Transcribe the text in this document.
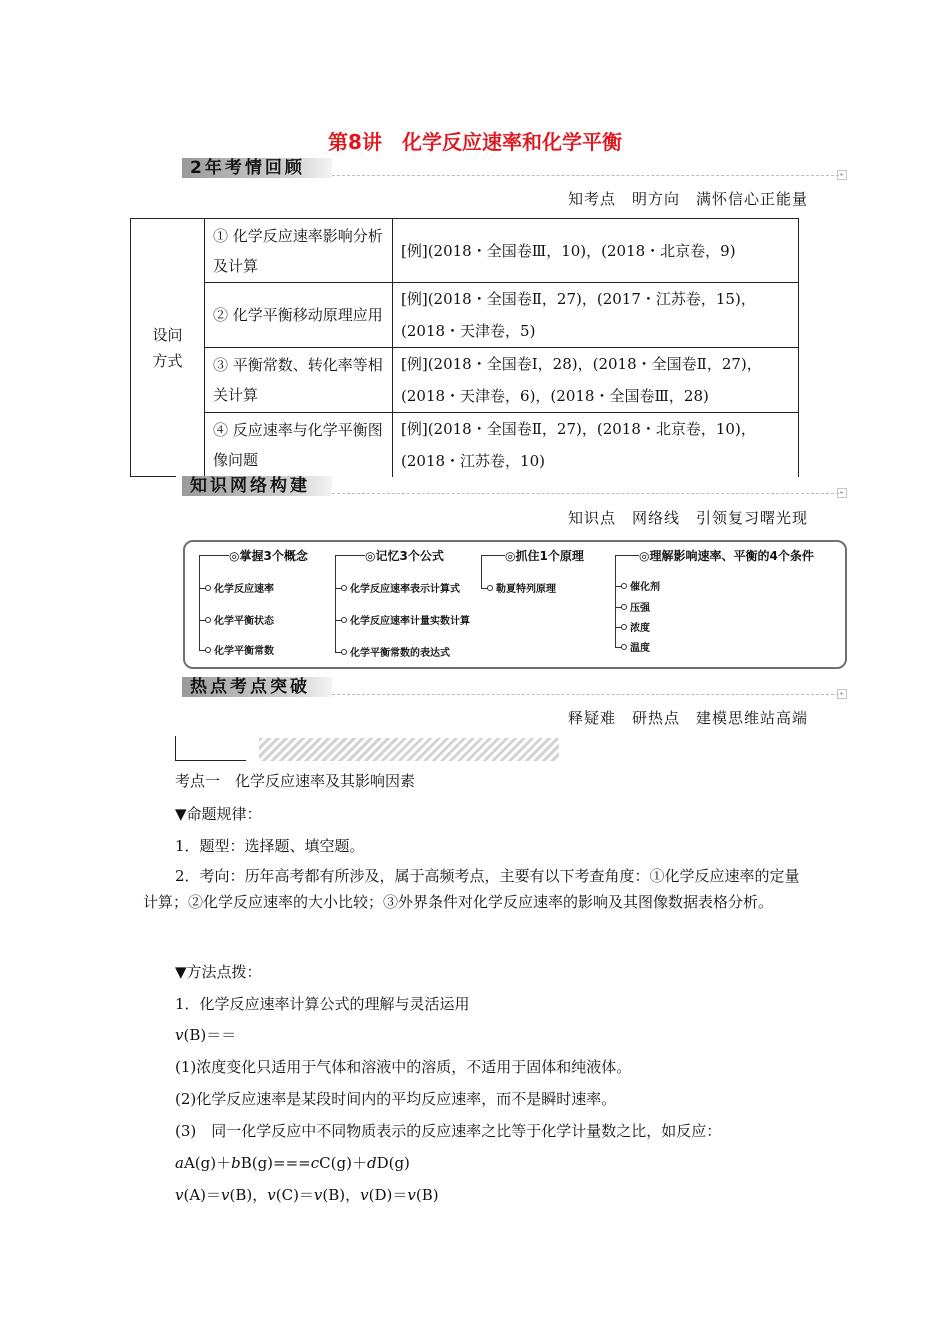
第8讲　化学反应速率和化学平衡
2年考情回顾	▸
知考点　明方向　满怀信心正能量
设问方式	① 化学反应速率影响分析及计算	[例](2018・全国卷Ⅲ，10)，(2018・北京卷，9)
	② 化学平衡移动原理应用	[例](2018・全国卷Ⅱ，27)，(2017・江苏卷，15)，(2018・天津卷，5)
	③ 平衡常数、转化率等相关计算	[例](2018・全国卷Ⅰ，28)，(2018・全国卷Ⅱ，27)，(2018・天津卷，6)，(2018・全国卷Ⅲ，28)
	④ 反应速率与化学平衡图像问题	[例](2018・全国卷Ⅱ，27)，(2018・北京卷，10)，(2018・江苏卷，10)
知识网络构建	▸
知识点　网络线　引领复习曙光现
◎掌握3个概念
化学反应速率
化学平衡状态
化学平衡常数
◎记忆3个公式
化学反应速率表示计算式
化学反应速率计量实数计算
化学平衡常数的表达式
◎抓住1个原理
勒夏特列原理
◎理解影响速率、平衡的4个条件
催化剂
压强
浓度
温度
热点考点突破	▸
释疑难　研热点　建模思维站高端
考点一　化学反应速率及其影响因素
▼命题规律：
1．题型：选择题、填空题。
2．考向：历年高考都有所涉及，属于高频考点，主要有以下考查角度：①化学反应速率的定量计算；②化学反应速率的大小比较；③外界条件对化学反应速率的影响及其图像数据表格分析。
▼方法点拨：
1．化学反应速率计算公式的理解与灵活运用
v(B)＝＝
(1)浓度变化只适用于气体和溶液中的溶质，不适用于固体和纯液体。
(2)化学反应速率是某段时间内的平均反应速率，而不是瞬时速率。
(3)　同一化学反应中不同物质表示的反应速率之比等于化学计量数之比，如反应：
aA(g)＋bB(g)===cC(g)＋dD(g)
v(A)＝v(B)，v(C)＝v(B)，v(D)＝v(B)
